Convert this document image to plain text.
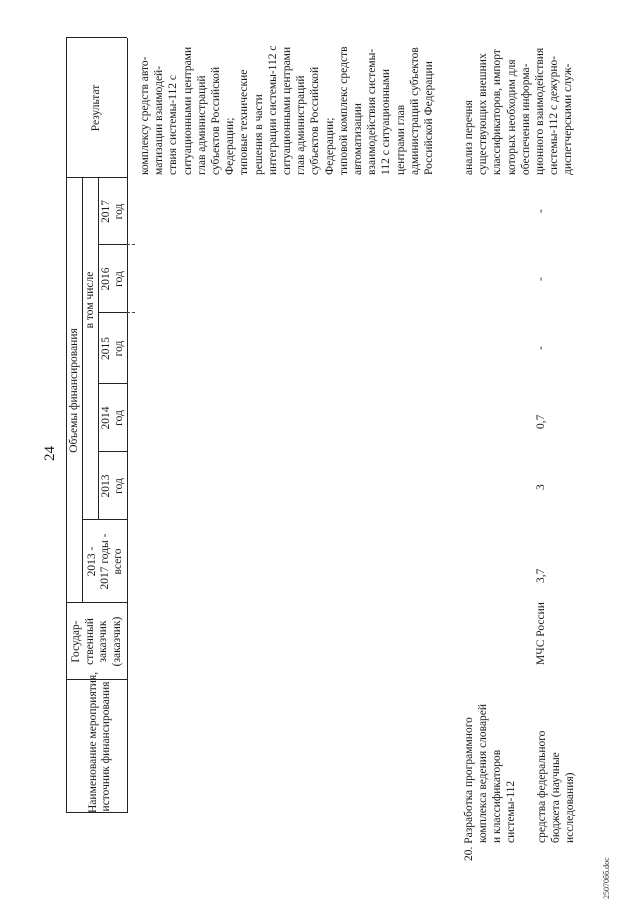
24
Наименование мероприятия, источник финансирования
Государ- ственный заказчик (заказчик)
Объемы финансирования
2013 - 2017 годы - всего
в том числе
2013 год
2014 год
2015 год
2016 год
2017 год
Результат	комплексу средств авто- матизации взаимодей- ствия системы-112 с ситуационными центрами глав администраций субъектов Российской Федерации; типовые технические решения в части интеграции системы-112 с ситуационными центрами глав администраций субъектов Российской Федерации; типовой комплекс средств автоматизации взаимодействия системы- 112 с ситуационными центрами глав администраций субъектов Российской Федерации
20. Разработка программного комплекса ведения словарей и классификаторов системы-112 средства федерального бюджета (научные исследования)
МЧС России
3,7
3
0,7
-
-
-
анализ перечня существующих внешних классификаторов, импорт которых необходим для обеспечения информа- ционного взаимодействия системы-112 с дежурно- диспетчерскими служ-
25070бб.doc
